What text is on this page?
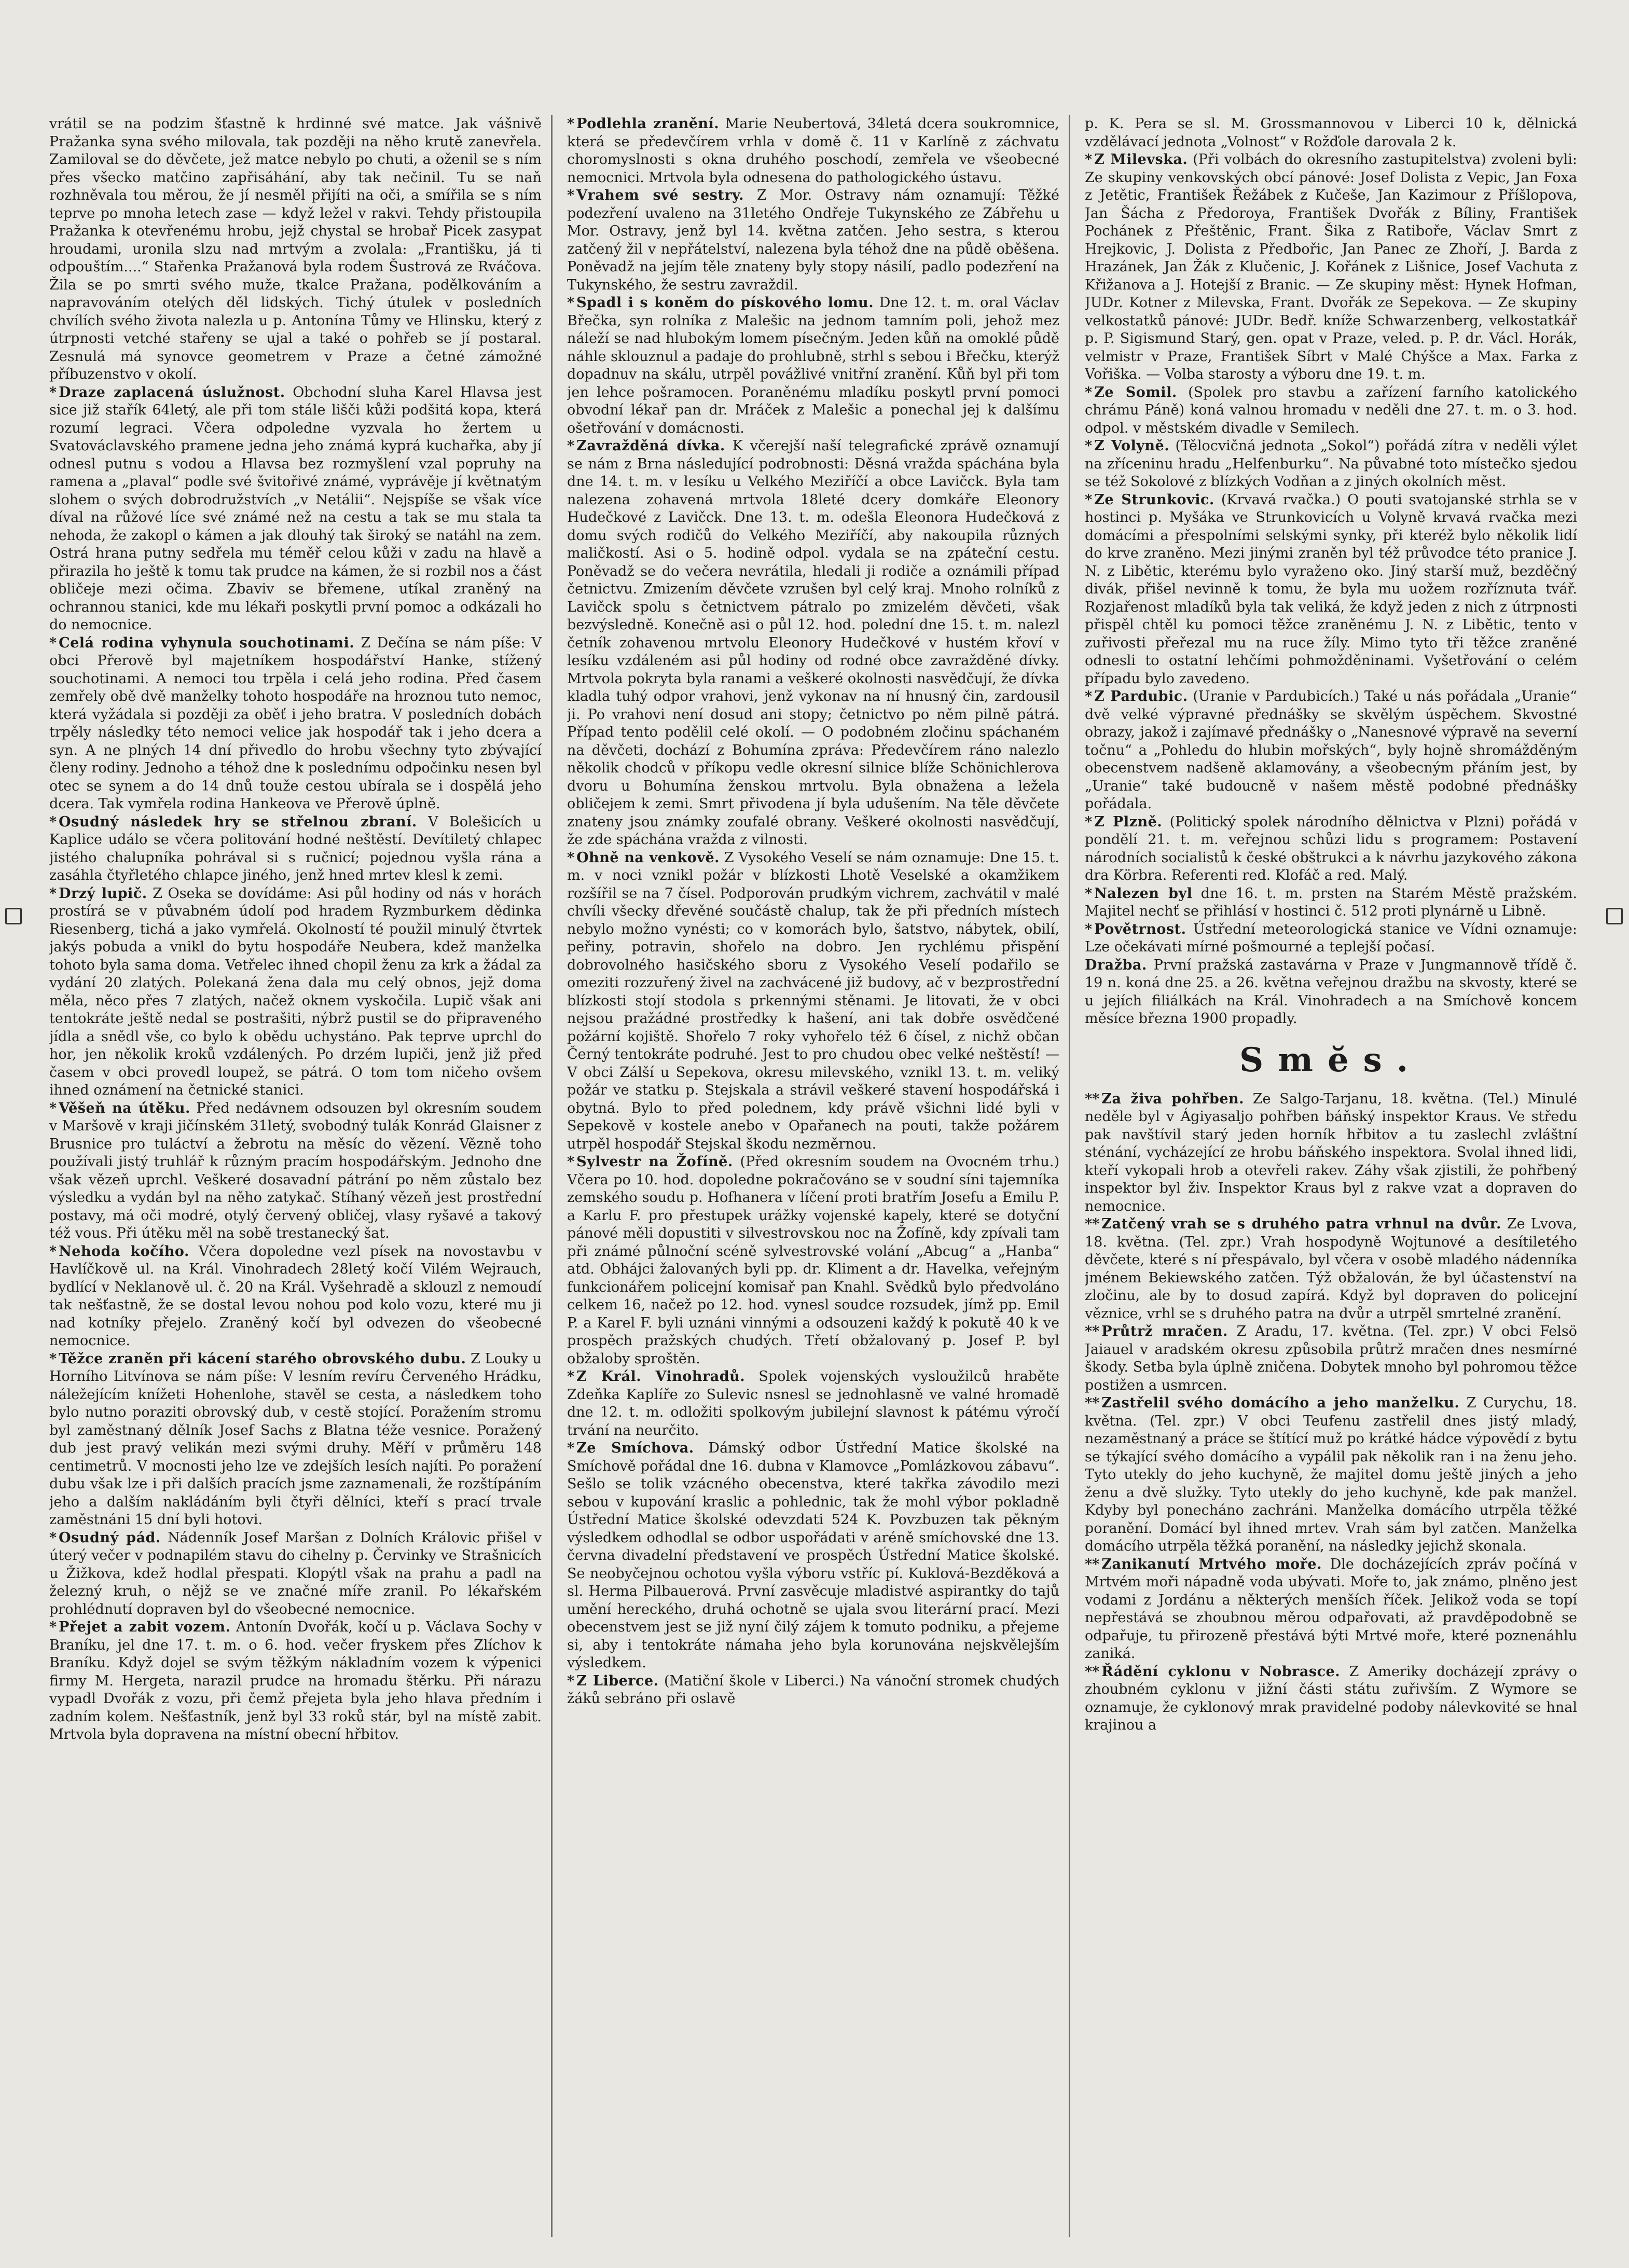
vrátil se na podzim šťastně k hrdinné své matce. Jak vášnivě Pražanka syna svého milovala, tak později na něho krutě zanevřela. Zamiloval se do děvčete, jež matce nebylo po chuti, a oženil se s ním přes všecko matčino zapřisáhání, aby tak nečinil. Tu se naň rozhněvala tou měrou, že jí nesměl přijíti na oči, a smířila se s ním teprve po mnoha letech zase — když ležel v rakvi. Tehdy přistoupila Pražanka k otevřenému hrobu, jejž chystal se hrobař Picek zasypat hroudami, uronila slzu nad mrtvým a zvolala: „Františku, já ti odpouštím....“ Stařenka Pražanová byla rodem Šustrová ze Rváčova. Žila se po smrti svého muže, tkalce Pražana, podělkováním a napravováním otelých děl lidských. Tichý útulek v posledních chvílích svého života nalezla u p. Antonína Tůmy ve Hlinsku, který z útrpnosti vetché stařeny se ujal a také o pohřeb se jí postaral. Zesnulá má synovce geometrem v Praze a četné zámožné příbuzenstvo v okolí.

* Draze zaplacená úslužnost. Obchodní sluha Karel Hlavsa jest sice již stařík 64letý, ale při tom stále lišči kůži podšitá kopa, která rozumí legraci. Včera odpoledne vyzvala ho žertem u Svatováclavského pramene jedna jeho známá kyprá kuchařka, aby jí odnesl putnu s vodou a Hlavsa bez rozmyšlení vzal popruhy na ramena a „plaval“ podle své švitořivé známé, vyprávěje jí květnatým slohem o svých dobrodružstvích „v Netálii“. Nejspíše se však více díval na růžové líce své známé než na cestu a tak se mu stala ta nehoda, že zakopl o kámen a jak dlouhý tak široký se natáhl na zem. Ostrá hrana putny sedřela mu téměř celou kůži v zadu na hlavě a přirazila ho ještě k tomu tak prudce na kámen, že si rozbil nos a část obličeje mezi očima. Zbaviv se břemene, utíkal zraněný na ochrannou stanici, kde mu lékaři poskytli první pomoc a odkázali ho do nemocnice.

* Celá rodina vyhynula souchotinami. Z Dečína se nám píše: V obci Přerově byl majetníkem hospodářství Hanke, stížený souchotinami. A nemoci tou trpěla i celá jeho rodina. Před časem zemřely obě dvě manželky tohoto hospodáře na hroznou tuto nemoc, která vyžádala si později za oběť i jeho bratra. V posledních dobách trpěly následky této nemoci velice jak hospodář tak i jeho dcera a syn. A ne plných 14 dní přivedlo do hrobu všechny tyto zbývající členy rodiny. Jednoho a téhož dne k poslednímu odpočinku nesen byl otec se synem a do 14 dnů touže cestou ubírala se i dospělá jeho dcera. Tak vymřela rodina Hankeova ve Přerově úplně.

* Osudný následek hry se střelnou zbraní. V Bolešicích u Kaplice událo se včera politování hodné neštěstí. Devítiletý chlapec jistého chalupníka pohrával si s ručnicí; pojednou vyšla rána a zasáhla čtyřletého chlapce jiného, jenž hned mrtev klesl k zemi.

* Drzý lupič. Z Oseka se dovídáme: Asi půl hodiny od nás v horách prostírá se v půvabném údolí pod hradem Ryzmburkem dědinka Riesenberg, tichá a jako vymřelá. Okolností té použil minulý čtvrtek jakýs pobuda a vnikl do bytu hospodáře Neubera, kdež manželka tohoto byla sama doma. Vetřelec ihned chopil ženu za krk a žádal za vydání 20 zlatých. Polekaná žena dala mu celý obnos, jejž doma měla, něco přes 7 zlatých, načež oknem vyskočila. Lupič však ani tentokráte ještě nedal se postrašiti, nýbrž pustil se do připraveného jídla a snědl vše, co bylo k obědu uchystáno. Pak teprve uprchl do hor, jen několik kroků vzdálených. Po drzém lupiči, jenž již před časem v obci provedl loupež, se pátrá. O tom tom ničeho ovšem ihned oznámení na četnické stanici.

* Věšeň na útěku. Před nedávnem odsouzen byl okresním soudem v Maršově v kraji jičínském 31letý, svobodný tulák Konrád Glaisner z Brusnice pro tuláctví a žebrotu na měsíc do vězení. Vězně toho používali jistý truhlář k různým pracím hospodářským. Jednoho dne však vězeň uprchl. Veškeré dosavadní pátrání po něm zůstalo bez výsledku a vydán byl na něho zatykač. Stíhaný vězeň jest prostřední postavy, má oči modré, otylý červený obličej, vlasy ryšavé a takový též vous. Při útěku měl na sobě trestanecký šat.

* Nehoda kočího. Včera dopoledne vezl písek na novostavbu v Havlíčkově ul. na Král. Vinohradech 28letý kočí Vilém Wejrauch, bydlící v Neklanově ul. č. 20 na Král. Vyšehradě a sklouzl z nemoudí tak nešťastně, že se dostal levou nohou pod kolo vozu, které mu ji nad kotníky přejelo. Zraněný kočí byl odvezen do všeobecné nemocnice.

* Těžce zraněn při kácení starého obrovského dubu. Z Louky u Horního Litvínova se nám píše: V lesním revíru Červeného Hrádku, náležejícím knížeti Hohenlohe, stavěl se cesta, a následkem toho bylo nutno poraziti obrovský dub, v cestě stojící. Poražením stromu byl zaměstnaný dělník Josef Sachs z Blatna téže vesnice. Poražený dub jest pravý velikán mezi svými druhy. Měří v průměru 148 centimetrů. V mocnosti jeho lze ve zdejších lesích najíti. Po poražení dubu však lze i při dalších pracích jsme zaznamenali, že rozštípáním jeho a dalším nakládáním byli čtyři dělníci, kteří s prací trvale zaměstnáni 15 dní byli hotovi.

* Osudný pád. Nádenník Josef Maršan z Dolních Královic přišel v úterý večer v podnapilém stavu do cihelny p. Červinky ve Strašnicích u Žižkova, kdež hodlal přespati. Klopýtl však na prahu a padl na železný kruh, o nějž se ve značné míře zranil. Po lékařském prohlédnutí dopraven byl do všeobecné nemocnice.

* Přejet a zabit vozem. Antonín Dvořák, kočí u p. Václava Sochy v Braníku, jel dne 17. t. m. o 6. hod. večer fryskem přes Zlíchov k Braníku. Když dojel se svým těžkým nákladním vozem k výpenici firmy M. Hergeta, narazil prudce na hromadu štěrku. Při nárazu vypadl Dvořák z vozu, při čemž přejeta byla jeho hlava předním i zadním kolem. Nešťastník, jenž byl 33 roků stár, byl na místě zabit. Mrtvola byla dopravena na místní obecní hřbitov.

* Podlehla zranění. Marie Neubertová, 34letá dcera soukromnice, která se předevčírem vrhla v domě č. 11 v Karlíně z záchvatu choromyslnosti s okna druhého poschodí, zemřela ve všeobecné nemocnici. Mrtvola byla odnesena do pathologického ústavu.

* Vrahem své sestry. Z Mor. Ostravy nám oznamují: Těžké podezření uvaleno na 31letého Ondřeje Tukynského ze Zábřehu u Mor. Ostravy, jenž byl 14. května zatčen. Jeho sestra, s kterou zatčený žil v nepřátelství, nalezena byla téhož dne na půdě oběšena. Poněvadž na jejím těle znateny byly stopy násilí, padlo podezření na Tukynského, že sestru zavraždil.

* Spadl i s koněm do pískového lomu. Dne 12. t. m. oral Václav Břečka, syn rolníka z Malešic na jednom tamním poli, jehož mez náleží se nad hlubokým lomem písečným. Jeden kůň na omoklé půdě náhle sklouznul a padaje do prohlubně, strhl s sebou i Břečku, kterýž dopadnuv na skálu, utrpěl povážlivé vnitřní zranění. Kůň byl při tom jen lehce pošramocen. Poraněnému mladíku poskytl první pomoci obvodní lékař pan dr. Mráček z Malešic a ponechal jej k dalšímu ošetřování v domácnosti.

* Zavražděná dívka. K včerejší naší telegrafické zprávě oznamují se nám z Brna následující podrobnosti: Děsná vražda spáchána byla dne 14. t. m. v lesíku u Velkého Meziříčí a obce Lavičck. Byla tam nalezena zohavená mrtvola 18leté dcery domkáře Eleonory Hudečkové z Lavičck. Dne 13. t. m. odešla Eleonora Hudečková z domu svých rodičů do Velkého Meziříčí, aby nakoupila různých maličkostí. Asi o 5. hodině odpol. vydala se na zpáteční cestu. Poněvadž se do večera nevrátila, hledali ji rodiče a oznámili případ četnictvu. Zmizením děvčete vzrušen byl celý kraj. Mnoho rolníků z Lavičck spolu s četnictvem pátralo po zmizelém děvčeti, však bezvýsledně. Konečně asi o půl 12. hod. polední dne 15. t. m. nalezl četník zohavenou mrtvolu Eleonory Hudečkové v hustém křoví v lesíku vzdáleném asi půl hodiny od rodné obce zavražděné dívky. Mrtvola pokryta byla ranami a veškeré okolnosti nasvědčují, že dívka kladla tuhý odpor vrahovi, jenž vykonav na ní hnusný čin, zardousil ji. Po vrahovi není dosud ani stopy; četnictvo po něm pilně pátrá. Případ tento podělil celé okolí. — O podobném zločinu spáchaném na děvčeti, dochází z Bohumína zpráva: Předevčírem ráno nalezlo několik chodců v příkopu vedle okresní silnice blíže Schönichlerova dvoru u Bohumína ženskou mrtvolu. Byla obnažena a ležela obličejem k zemi. Smrt přivodena jí byla udušením. Na těle děvčete znateny jsou známky zoufalé obrany. Veškeré okolnosti nasvědčují, že zde spáchána vražda z vilnosti.

* Ohně na venkově. Z Vysokého Veselí se nám oznamuje: Dne 15. t. m. v noci vznikl požár v blízkosti Lhotě Veselské a okamžikem rozšířil se na 7 čísel. Podporován prudkým vichrem, zachvátil v malé chvíli všecky dřevěné součástě chalup, tak že při předních místech nebylo možno vynésti; co v komorách bylo, šatstvo, nábytek, obilí, peřiny, potravin, shořelo na dobro. Jen rychlému přispění dobrovolného hasičského sboru z Vysokého Veselí podařilo se omeziti rozzuřený živel na zachvácené již budovy, ač v bezprostřední blízkosti stojí stodola s prkennými stěnami. Je litovati, že v obci nejsou pražádné prostředky k hašení, ani tak dobře osvědčené požární kojiště. Shořelo 7 roky vyhořelo též 6 čísel, z nichž občan Černý tentokráte podruhé. Jest to pro chudou obec velké neštěstí! — V obci Zálší u Sepekova, okresu milevského, vznikl 13. t. m. veliký požár ve statku p. Stejskala a strávil veškeré stavení hospodářská i obytná. Bylo to před polednem, kdy právě všichni lidé byli v Sepekově v kostele anebo v Opařanech na pouti, takže požárem utrpěl hospodář Stejskal škodu nezměrnou.

* Sylvestr na Žofíně. (Před okresním soudem na Ovocném trhu.) Včera po 10. hod. dopoledne pokračováno se v soudní síni tajemníka zemského soudu p. Hofhanera v líčení proti bratřím Josefu a Emilu P. a Karlu F. pro přestupek urážky vojenské kapely, které se dotyční pánové měli dopustiti v silvestrovskou noc na Žofíně, kdy zpívali tam při známé půlnoční scéně sylvestrovské volání „Abcug“ a „Hanba“ atd. Obhájci žalovaných byli pp. dr. Kliment a dr. Havelka, veřejným funkcionářem policejní komisař pan Knahl. Svědků bylo předvoláno celkem 16, načež po 12. hod. vynesl soudce rozsudek, jímž pp. Emil P. a Karel F. byli uznáni vinnými a odsouzeni každý k pokutě 40 k ve prospěch pražských chudých. Třetí obžalovaný p. Josef P. byl obžaloby sproštěn.

* Z Král. Vinohradů. Spolek vojenských vysloužilců hraběte Zdeňka Kaplíře zo Sulevic nsnesl se jednohlasně ve valné hromadě dne 12. t. m. odložiti spolkovým jubilejní slavnost k pátému výročí trvání na neurčito.

* Ze Smíchova. Dámský odbor Ústřední Matice školské na Smíchově pořádal dne 16. dubna v Klamovce „Pomlázkovou zábavu“. Sešlo se tolik vzácného obecenstva, které takřka závodilo mezi sebou v kupování kraslic a pohlednic, tak že mohl výbor pokladně Ústřední Matice školské odevzdati 524 K. Povzbuzen tak pěkným výsledkem odhodlal se odbor uspořádati v aréně smíchovské dne 13. června divadelní představení ve prospěch Ústřední Matice školské. Se neobyčejnou ochotou vyšla výboru vstříc pí. Kuklová-Bezděková a sl. Herma Pilbauerová. První zasvěcuje mladistvé aspirantky do tajů umění hereckého, druhá ochotně se ujala svou literární prací. Mezi obecenstvem jest se již nyní čilý zájem k tomuto podniku, a přejeme si, aby i tentokráte námaha jeho byla korunována nejskvělejším výsledkem.

* Z Liberce. (Matiční škole v Liberci.) Na vánoční stromek chudých žáků sebráno při oslavě

p. K. Pera se sl. M. Grossmannovou v Liberci 10 k, dělnická vzdělávací jednota „Volnost“ v Rožďole darovala 2 k.

* Z Milevska. (Při volbách do okresního zastupitelstva) zvoleni byli: Ze skupiny venkovských obcí pánové: Josef Dolista z Vepic, Jan Foxa z Jetětic, František Řežábek z Kučeše, Jan Kazimour z Příšlopova, Jan Šácha z Předoroya, František Dvořák z Bíliny, František Pochánek z Přeštěnic, Frant. Šika z Ratiboře, Václav Smrt z Hrejkovic, J. Dolista z Předbořic, Jan Panec ze Zhoří, J. Barda z Hrazánek, Jan Žák z Klučenic, J. Kořánek z Lišnice, Josef Vachuta z Křižanova a J. Hotejší z Branic. — Ze skupiny měst: Hynek Hofman, JUDr. Kotner z Milevska, Frant. Dvořák ze Sepekova. — Ze skupiny velkostatků pánové: JUDr. Bedř. kníže Schwarzenberg, velkostatkář p. P. Sigismund Starý, gen. opat v Praze, veled. p. P. dr. Václ. Horák, velmistr v Praze, František Síbrt v Malé Chýšce a Max. Farka z Vořiška. — Volba starosty a výboru dne 19. t. m.

* Ze Somil. (Spolek pro stavbu a zařízení farního katolického chrámu Páně) koná valnou hromadu v neděli dne 27. t. m. o 3. hod. odpol. v městském divadle v Semilech.

* Z Volyně. (Tělocvičná jednota „Sokol“) pořádá zítra v neděli výlet na zříceninu hradu „Helfenburku“. Na půvabné toto místečko sjedou se též Sokolové z blízkých Vodňan a z jiných okolních měst.

* Ze Strunkovic. (Krvavá rvačka.) O pouti svatojanské strhla se v hostinci p. Myšáka ve Strunkovicích u Volyně krvavá rvačka mezi domácími a přespolními selskými synky, při kteréž bylo několik lidí do krve zraněno. Mezi jinými zraněn byl též průvodce této pranice J. N. z Libětic, kterému bylo vyraženo oko. Jiný starší muž, bezděčný divák, přišel nevinně k tomu, že byla mu uožem rozříznuta tvář. Rozjařenost mladíků byla tak veliká, že když jeden z nich z útrpnosti přispěl chtěl ku pomoci těžce zraněnému J. N. z Libětic, tento v zuřivosti přeřezal mu na ruce žíly. Mimo tyto tři těžce zraněné odnesli to ostatní lehčími pohmožděninami. Vyšetřování o celém případu bylo zavedeno.

* Z Pardubic. (Uranie v Pardubicích.) Také u nás pořádala „Uranie“ dvě velké výpravné přednášky se skvělým úspěchem. Skvostné obrazy, jakož i zajímavé přednášky o „Nanesnové výpravě na severní točnu“ a „Pohledu do hlubin mořských“, byly hojně shromážděným obecenstvem nadšeně aklamovány, a všeobecným přáním jest, by „Uranie“ také budoucně v našem městě podobné přednášky pořádala.

* Z Plzně. (Politický spolek národního dělnictva v Plzni) pořádá v pondělí 21. t. m. veřejnou schůzi lidu s programem: Postavení národních socialistů k české obštrukci a k návrhu jazykového zákona dra Körbra. Referenti red. Klofáč a red. Malý.

* Nalezen byl dne 16. t. m. prsten na Starém Městě pražském. Majitel nechť se přihlásí v hostinci č. 512 proti plynárně u Libně.

* Povětrnost. Ústřední meteorologická stanice ve Vídni oznamuje: Lze očekávati mírné pošmourné a teplejší počasí.

Dražba. První pražská zastavárna v Praze v Jungmannově třídě č. 19 n. koná dne 25. a 26. května veřejnou dražbu na skvosty, které se u jejích filiálkách na Král. Vinohradech a na Smíchově koncem měsíce března 1900 propadly.

Smĕs.

** Za živa pohřben. Ze Salgo-Tarjanu, 18. května. (Tel.) Minulé neděle byl v Ágiyasaljo pohřben báňský inspektor Kraus. Ve středu pak navštívil starý jeden horník hřbitov a tu zaslechl zvláštní sténání, vycházející ze hrobu báňského inspektora. Svolal ihned lidi, kteří vykopali hrob a otevřeli rakev. Záhy však zjistili, že pohřbený inspektor byl živ. Inspektor Kraus byl z rakve vzat a dopraven do nemocnice.

** Zatčený vrah se s druhého patra vrhnul na dvůr. Ze Lvova, 18. května. (Tel. zpr.) Vrah hospodyně Wojtunové a desítiletého děvčete, které s ní přespávalo, byl včera v osobě mladého nádenníka jménem Bekiewského zatčen. Týž obžalován, že byl účastenství na zločinu, ale by to dosud zapírá. Když byl dopraven do policejní věznice, vrhl se s druhého patra na dvůr a utrpěl smrtelné zranění.

** Průtrž mračen. Z Aradu, 17. května. (Tel. zpr.) V obci Felsö Jaiauel v aradském okresu způsobila průtrž mračen dnes nesmírné škody. Setba byla úplně zničena. Dobytek mnoho byl pohromou těžce postižen a usmrcen.

** Zastřelil svého domácího a jeho manželku. Z Curychu, 18. května. (Tel. zpr.) V obci Teufenu zastřelil dnes jistý mladý, nezaměstnaný a práce se štítící muž po krátké hádce výpovědí z bytu se týkající svého domácího a vypálil pak několik ran i na ženu jeho. Tyto utekly do jeho kuchyně, že majitel domu ještě jiných a jeho ženu a dvě služky. Tyto utekly do jeho kuchyně, kde pak manžel. Kdyby byl ponecháno zachráni. Manželka domácího utrpěla těžké poranění. Domácí byl ihned mrtev. Vrah sám byl zatčen. Manželka domácího utrpěla těžká poranění, na následky jejichž skonala.

** Zanikanutí Mrtvého moře. Dle docházejících zpráv počíná v Mrtvém moři nápadně voda ubývati. Moře to, jak známo, plněno jest vodami z Jordánu a některých menších říček. Jelikož voda se topí nepřestává se zhoubnou měrou odpařovati, až pravděpodobně se odpařuje, tu přirozeně přestává býti Mrtvé moře, které poznenáhlu zaniká.

** Řádění cyklonu v Nobrasce. Z Ameriky docházejí zprávy o zhoubném cyklonu v jižní části státu zuřivším. Z Wymore se oznamuje, že cyklonový mrak pravidelné podoby nálevkovité se hnal krajinou a
